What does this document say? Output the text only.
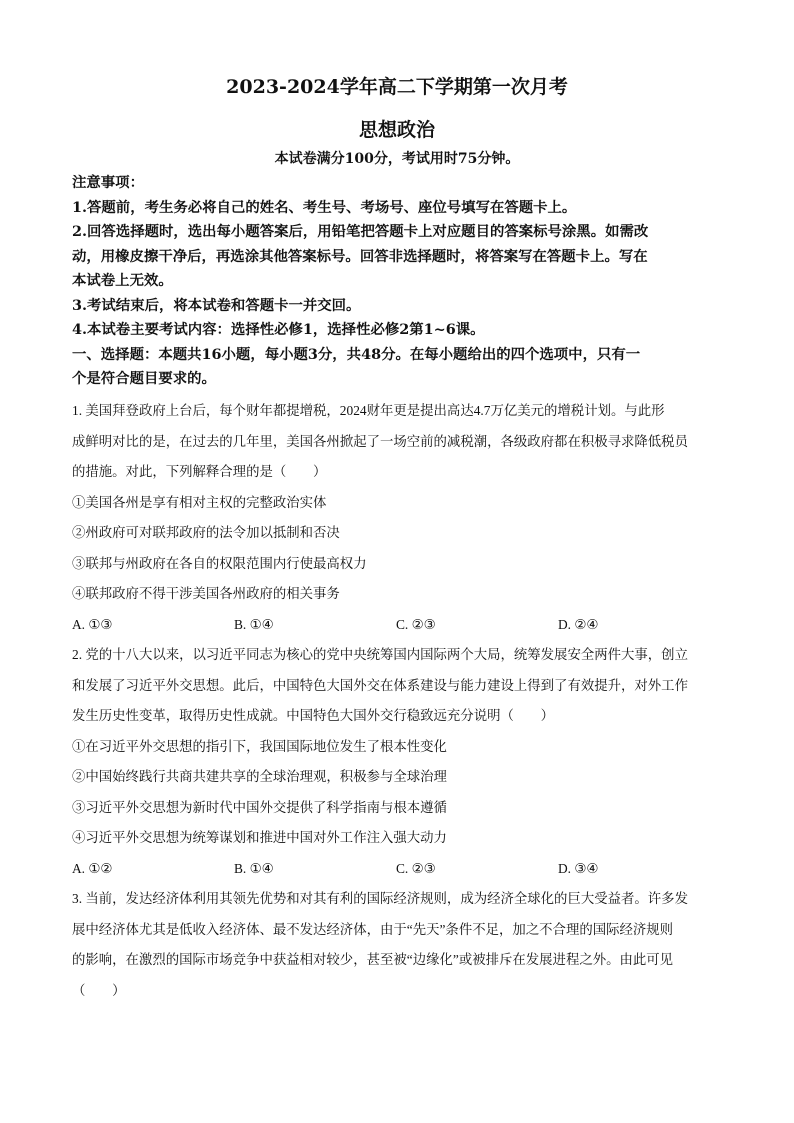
2023-2024学年高二下学期第一次月考
思想政治
本试卷满分100分，考试用时75分钟。

注意事项：

1.答题前，考生务必将自己的姓名、考生号、考场号、座位号填写在答题卡上。

2.回答选择题时，选出每小题答案后，用铅笔把答题卡上对应题目的答案标号涂黑。如需改

动，用橡皮擦干净后，再选涂其他答案标号。回答非选择题时，将答案写在答题卡上。写在

本试卷上无效。

3.考试结束后，将本试卷和答题卡一并交回。

4.本试卷主要考试内容：选择性必修1，选择性必修2第1~6课。

一、选择题：本题共16小题，每小题3分，共48分。在每小题给出的四个选项中，只有一

个是符合题目要求的。

1. 美国拜登政府上台后，每个财年都提增税，2024财年更是提出高达4.7万亿美元的增税计划。与此形

成鲜明对比的是，在过去的几年里，美国各州掀起了一场空前的减税潮，各级政府都在积极寻求降低税员

的措施。对此，下列解释合理的是（　　）

①美国各州是享有相对主权的完整政治实体

②州政府可对联邦政府的法令加以抵制和否决

③联邦与州政府在各自的权限范围内行使最高权力

④联邦政府不得干涉美国各州政府的相关事务

A. ①③	B. ①④	C. ②③	D. ②④

2. 党的十八大以来，以习近平同志为核心的党中央统筹国内国际两个大局，统筹发展安全两件大事，创立

和发展了习近平外交思想。此后，中国特色大国外交在体系建设与能力建设上得到了有效提升，对外工作

发生历史性变革，取得历史性成就。中国特色大国外交行稳致远充分说明（　　）

①在习近平外交思想的指引下，我国国际地位发生了根本性变化

②中国始终践行共商共建共享的全球治理观，积极参与全球治理

③习近平外交思想为新时代中国外交提供了科学指南与根本遵循

④习近平外交思想为统筹谋划和推进中国对外工作注入强大动力

A. ①②	B. ①④	C. ②③	D. ③④

3. 当前，发达经济体利用其领先优势和对其有利的国际经济规则，成为经济全球化的巨大受益者。许多发

展中经济体尤其是低收入经济体、最不发达经济体，由于“先天”条件不足，加之不合理的国际经济规则

的影响，在激烈的国际市场竞争中获益相对较少，甚至被“边缘化”或被排斥在发展进程之外。由此可见

（　　）
